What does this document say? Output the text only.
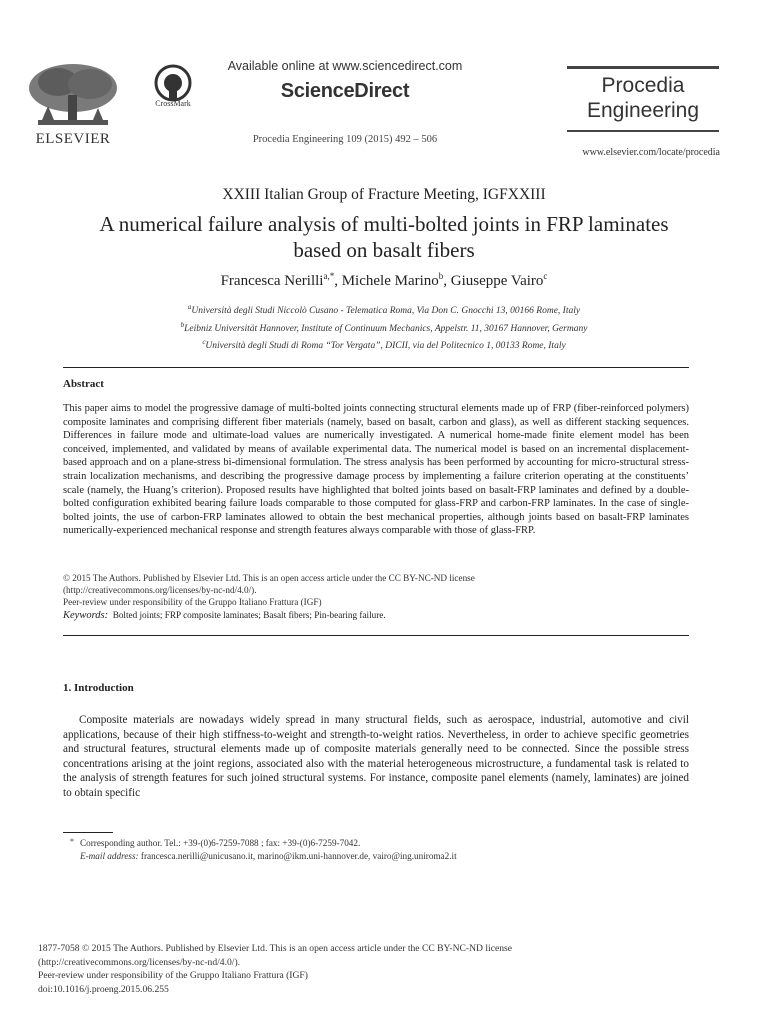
ELSEVIER
CrossMark
Available online at www.sciencedirect.com
ScienceDirect
Procedia Engineering 109 (2015) 492 – 506
Procedia
Engineering
www.elsevier.com/locate/procedia
XXIII Italian Group of Fracture Meeting, IGFXXIII
A numerical failure analysis of multi-bolted joints in FRP laminates
based on basalt fibers
Francesca Nerilli$^{a,*}$, Michele Marino$^b$, Giuseppe Vairo$^c$
$^a$Università degli Studi Niccolò Cusano - Telematica Roma, Via Don C. Gnocchi 13, 00166 Rome, Italy
$^b$Leibniz Universität Hannover, Institute of Continuum Mechanics, Appelstr. 11, 30167 Hannover, Germany
$^c$Università degli Studi di Roma “Tor Vergata”, DICII, via del Politecnico 1, 00133 Rome, Italy
Abstract
This paper aims to model the progressive damage of multi-bolted joints connecting structural elements made up of FRP (fiber-reinforced polymers) composite laminates and comprising different fiber materials (namely, based on basalt, carbon and glass), as well as different stacking sequences. Differences in failure mode and ultimate-load values are numerically investigated. A numerical home-made finite element model has been conceived, implemented, and validated by means of available experimental data. The numerical model is based on an incremental displacement-based approach and on a plane-stress bi-dimensional formulation. The stress analysis has been performed by accounting for micro-structural stress-strain localization mechanisms, and describing the progressive damage process by implementing a failure criterion operating at the constituents’ scale (namely, the Huang’s criterion). Proposed results have highlighted that bolted joints based on basalt-FRP laminates and defined by a double-bolted configuration exhibited bearing failure loads comparable to those computed for glass-FRP and carbon-FRP laminates. In the case of single-bolted joints, the use of carbon-FRP laminates allowed to obtain the best mechanical properties, although joints based on basalt-FRP laminates numerically-experienced mechanical response and strength features always comparable with those of glass-FRP.
© 2015 The Authors. Published by Elsevier Ltd. This is an open access article under the CC BY-NC-ND license
(http://creativecommons.org/licenses/by-nc-nd/4.0/).
Peer-review under responsibility of the Gruppo Italiano Frattura (IGF)
Keywords: Bolted joints; FRP composite laminates; Basalt fibers; Pin-bearing failure.
1. Introduction
Composite materials are nowadays widely spread in many structural fields, such as aerospace, industrial, automotive and civil applications, because of their high stiffness-to-weight and strength-to-weight ratios. Nevertheless, in order to achieve specific geometries and structural features, structural elements made up of composite materials generally need to be connected. Since the possible stress concentrations arising at the joint regions, associated also with the material heterogeneous microstructure, a fundamental task is related to the analysis of strength features for such joined structural systems. For instance, composite panel elements (namely, laminates) are joined to obtain specific
* Corresponding author. Tel.: +39-(0)6-7259-7088 ; fax: +39-(0)6-7259-7042.
E-mail address: francesca.nerilli@unicusano.it, marino@ikm.uni-hannover.de, vairo@ing.uniroma2.it
1877-7058 © 2015 The Authors. Published by Elsevier Ltd. This is an open access article under the CC BY-NC-ND license
(http://creativecommons.org/licenses/by-nc-nd/4.0/).
Peer-review under responsibility of the Gruppo Italiano Frattura (IGF)
doi:10.1016/j.proeng.2015.06.255
